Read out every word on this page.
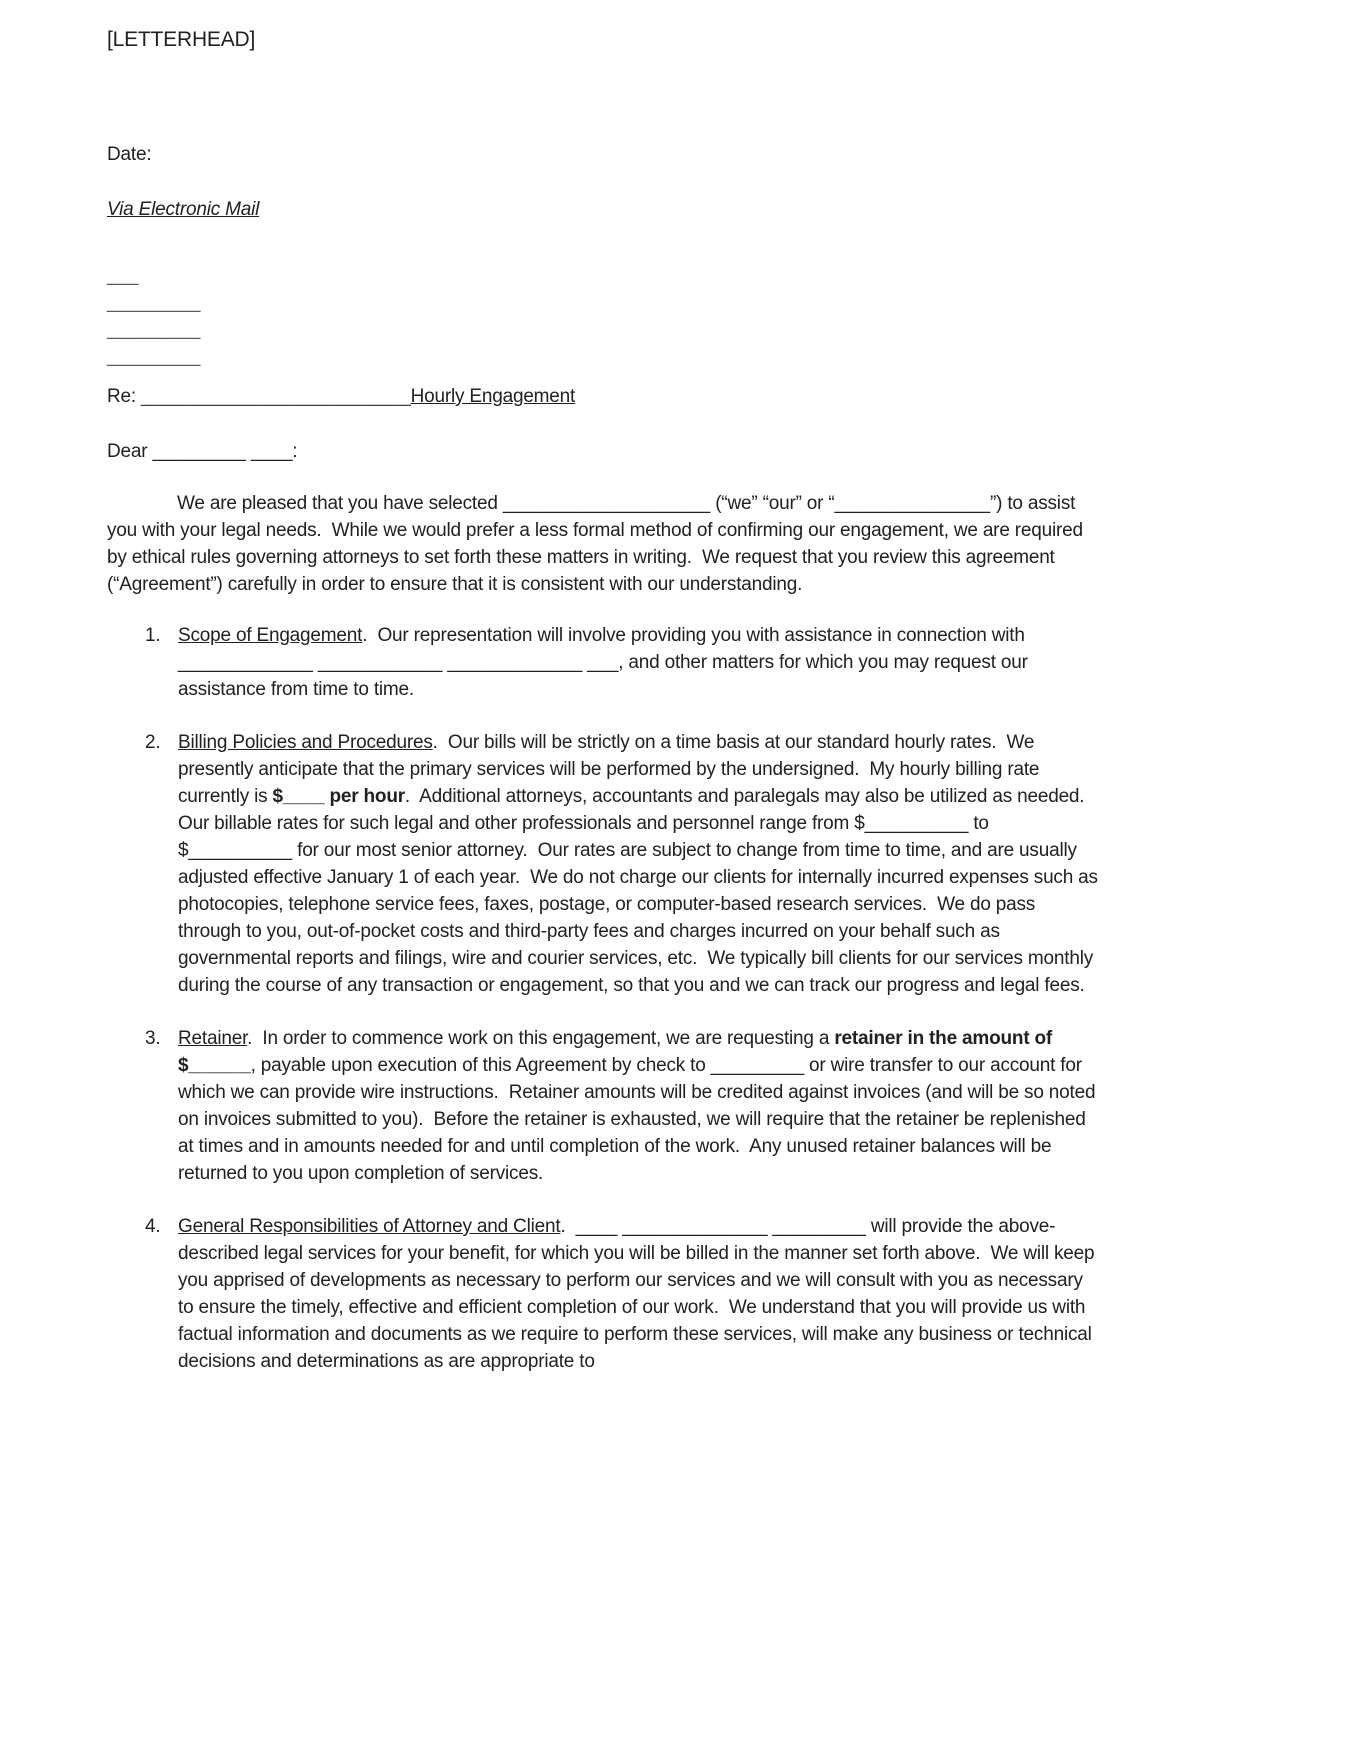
[LETTERHEAD]
Date:
Via Electronic Mail
___
_________
_________
_________
Re: __________________________Hourly Engagement
Dear _________ ____:
We are pleased that you have selected ____________________ (“we” “our” or “_______________”) to assist you with your legal needs.  While we would prefer a less formal method of confirming our engagement, we are required by ethical rules governing attorneys to set forth these matters in writing.  We request that you review this agreement (“Agreement”) carefully in order to ensure that it is consistent with our understanding.
1. Scope of Engagement.  Our representation will involve providing you with assistance in connection with _____________ ____________ _____________ ___, and other matters for which you may request our assistance from time to time.
2. Billing Policies and Procedures.  Our bills will be strictly on a time basis at our standard hourly rates.  We presently anticipate that the primary services will be performed by the undersigned.  My hourly billing rate currently is $____ per hour.  Additional attorneys, accountants and paralegals may also be utilized as needed.  Our billable rates for such legal and other professionals and personnel range from $__________ to $__________ for our most senior attorney.  Our rates are subject to change from time to time, and are usually adjusted effective January 1 of each year.  We do not charge our clients for internally incurred expenses such as photocopies, telephone service fees, faxes, postage, or computer-based research services.  We do pass through to you, out-of-pocket costs and third-party fees and charges incurred on your behalf such as governmental reports and filings, wire and courier services, etc.  We typically bill clients for our services monthly during the course of any transaction or engagement, so that you and we can track our progress and legal fees.
3. Retainer.  In order to commence work on this engagement, we are requesting a retainer in the amount of $______, payable upon execution of this Agreement by check to _________ or wire transfer to our account for which we can provide wire instructions.  Retainer amounts will be credited against invoices (and will be so noted on invoices submitted to you).  Before the retainer is exhausted, we will require that the retainer be replenished at times and in amounts needed for and until completion of the work.  Any unused retainer balances will be returned to you upon completion of services.
4. General Responsibilities of Attorney and Client.  ____ ______________ _________ will provide the above-described legal services for your benefit, for which you will be billed in the manner set forth above.  We will keep you apprised of developments as necessary to perform our services and we will consult with you as necessary to ensure the timely, effective and efficient completion of our work.  We understand that you will provide us with factual information and documents as we require to perform these services, will make any business or technical decisions and determinations as are appropriate to
